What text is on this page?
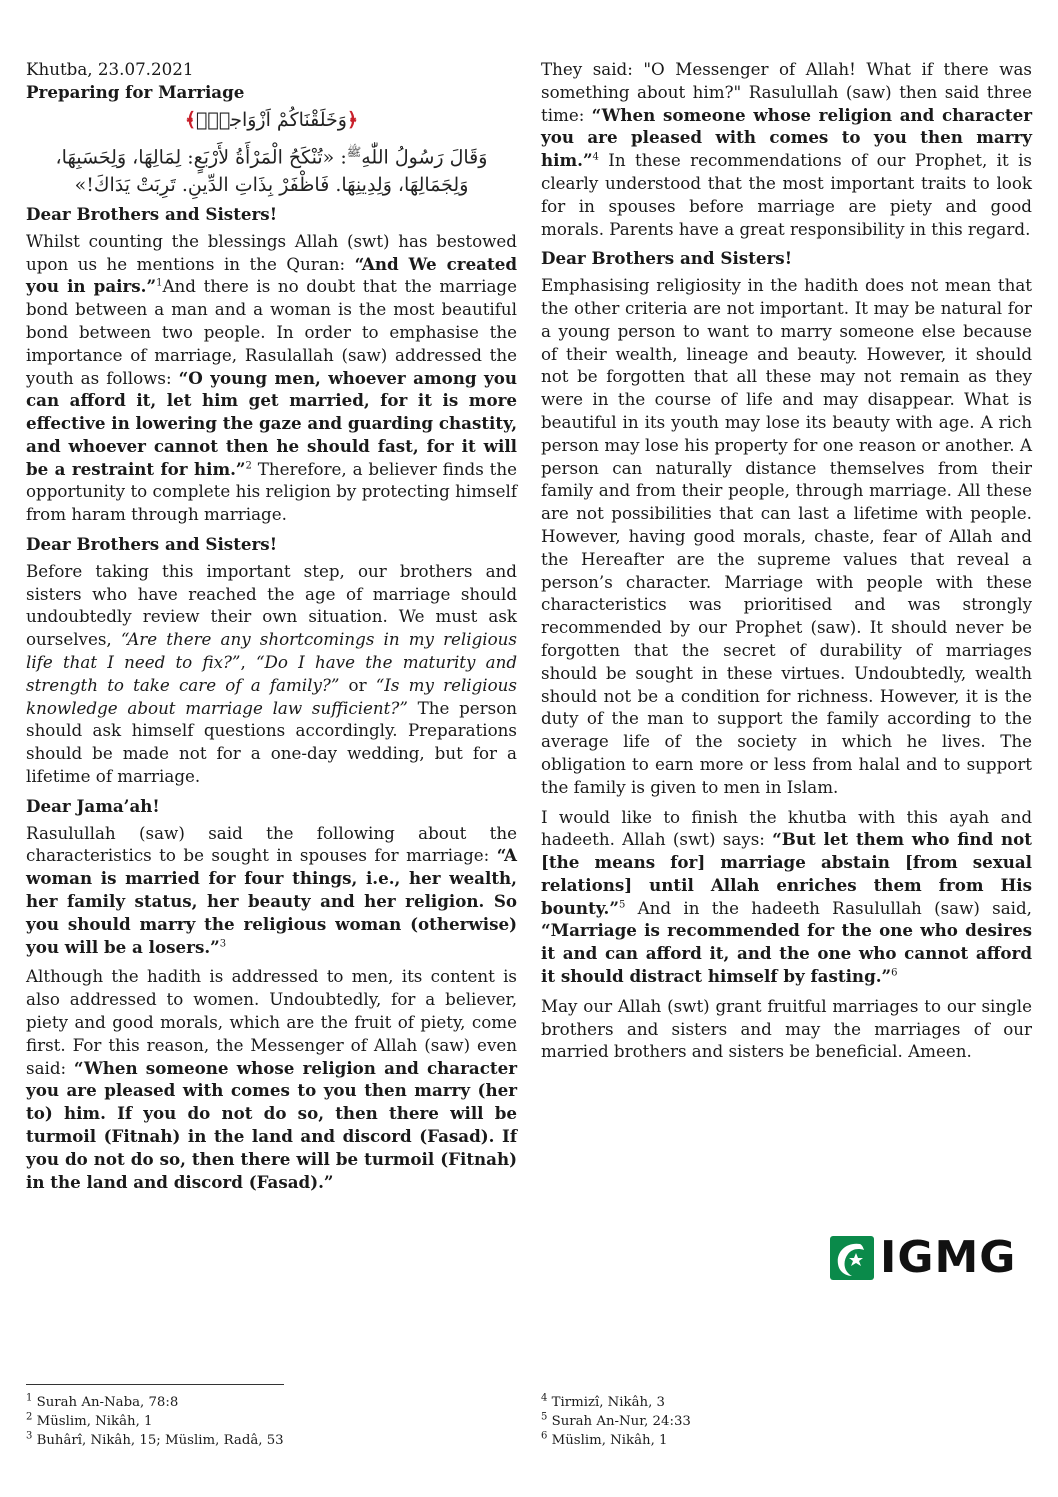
Khutba, 23.07.2021

Preparing for Marriage

﴾وَخَلَقْنَاكُمْ اَزْوَاجاًۙ﴿
وَقَالَ رَسُولُ اللّٰهِ$^ﷺ$: «تُنْكَحُ الْمَرْأَةُ لأَرْبَعٍ: لِمَالِهَا، وَلِحَسَبِهَا،
وَلِجَمَالِهَا، وَلِدِينِهَا. فَاظْفَرْ بِذَاتِ الدِّينِ. تَرِبَتْ يَدَاكَ!»
Dear Brothers and Sisters!

Whilst counting the blessings Allah (swt) has bestowed upon us he mentions in the Quran: “And We created you in pairs.”$^1$And there is no doubt that the marriage bond between a man and a woman is the most beautiful bond between two people. In order to emphasise the importance of marriage, Rasulallah (saw) addressed the youth as follows: “O young men, whoever among you can afford it, let him get married, for it is more effective in lowering the gaze and guarding chastity, and whoever cannot then he should fast, for it will be a restraint for him.”$^2$ Therefore, a believer finds the opportunity to complete his religion by protecting himself from haram through marriage.

Dear Brothers and Sisters!

Before taking this important step, our brothers and sisters who have reached the age of marriage should undoubtedly review their own situation. We must ask ourselves, “Are there any shortcomings in my religious life that I need to fix?”, “Do I have the maturity and strength to take care of a family?” or “Is my religious knowledge about marriage law sufficient?” The person should ask himself questions accordingly. Preparations should be made not for a one-day wedding, but for a lifetime of marriage.

Dear Jama’ah!

Rasulullah (saw) said the following about the characteristics to be sought in spouses for marriage: “A woman is married for four things, i.e., her wealth, her family status, her beauty and her religion. So you should marry the religious woman (otherwise) you will be a losers.”$^3$

Although the hadith is addressed to men, its content is also addressed to women. Undoubtedly, for a believer, piety and good morals, which are the fruit of piety, come first. For this reason, the Messenger of Allah (saw) even said: “When someone whose religion and character you are pleased with comes to you then marry (her to) him. If you do not do so, then there will be turmoil (Fitnah) in the land and discord (Fasad). If you do not do so, then there will be turmoil (Fitnah) in the land and discord (Fasad).”

They said: "O Messenger of Allah! What if there was something about him?" Rasulullah (saw) then said three time: “When someone whose religion and character you are pleased with comes to you then marry him.”$^4$ In these recommendations of our Prophet, it is clearly understood that the most important traits to look for in spouses before marriage are piety and good morals. Parents have a great responsibility in this regard.

Dear Brothers and Sisters!

Emphasising religiosity in the hadith does not mean that the other criteria are not important. It may be natural for a young person to want to marry someone else because of their wealth, lineage and beauty. However, it should not be forgotten that all these may not remain as they were in the course of life and may disappear. What is beautiful in its youth may lose its beauty with age. A rich person may lose his property for one reason or another. A person can naturally distance themselves from their family and from their people, through marriage. All these are not possibilities that can last a lifetime with people. However, having good morals, chaste, fear of Allah and the Hereafter are the supreme values that reveal a person’s character. Marriage with people with these characteristics was prioritised and was strongly recommended by our Prophet (saw). It should never be forgotten that the secret of durability of marriages should be sought in these virtues. Undoubtedly, wealth should not be a condition for richness. However, it is the duty of the man to support the family according to the average life of the society in which he lives. The obligation to earn more or less from halal and to support the family is given to men in Islam.

I would like to finish the khutba with this ayah and hadeeth. Allah (swt) says: “But let them who find not [the means for] marriage abstain [from sexual relations] until Allah enriches them from His bounty.”$^5$ And in the hadeeth Rasulullah (saw) said, “Marriage is recommended for the one who desires it and can afford it, and the one who cannot afford it should distract himself by fasting.”$^6$

May our Allah (swt) grant fruitful marriages to our single brothers and sisters and may the marriages of our married brothers and sisters be beneficial. Ameen.

IGMG
$^1$ Surah An-Naba, 78:8
$^2$ Müslim, Nikâh, 1
$^3$ Buhârî, Nikâh, 15; Müslim, Radâ, 53
$^4$ Tirmizî, Nikâh, 3
$^5$ Surah An-Nur, 24:33
$^6$ Müslim, Nikâh, 1
